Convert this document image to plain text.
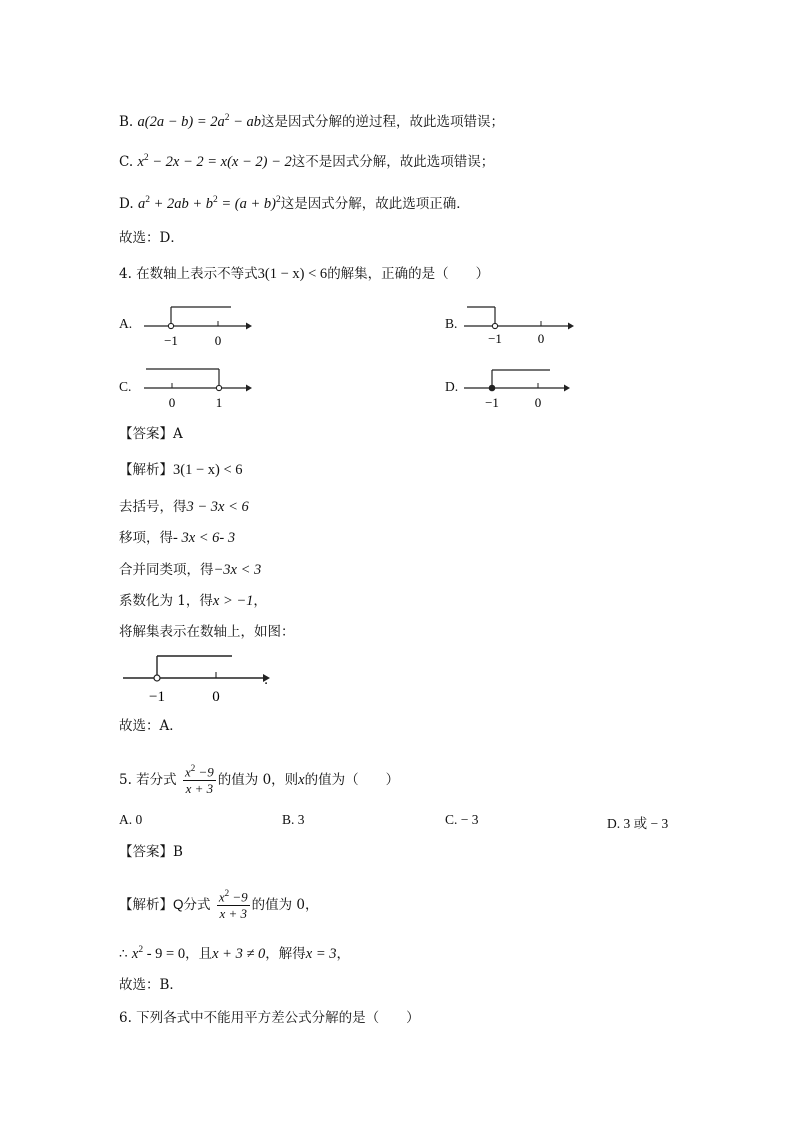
B. $a(2a - b) = 2a^2$ − ab这是因式分解的逆过程，故此选项错误；
C. $x^2 - 2x - 2 = x(x - 2) - 2$这不是因式分解，故此选项错误；
D. $a^2 + 2ab + b^2 = (a + b)^2$这是因式分解，故此选项正确．
故选：D．
4. 在数轴上表示不等式3(1 − x) < 6的解集，正确的是（　　）
A.
−1	0
B.
−1	0
C.
0	1
D.
−1	0
【答案】A
【解析】3(1 − x) < 6
去括号，得3 − 3x < 6
移项，得- 3x < 6- 3
合并同类项，得−3x < 3
系数化为 1，得x > −1，
将解集表示在数轴上，如图：
−1	0
．
故选：A．
5. 若分式 $\frac{x^2 -9}{x + 3}$ 的值为 0，则x的值为（　　）
A. 0	B. 3	C. − 3	D. 3 或 − 3
【答案】B
【解析】Q分式 $\frac{x^2 -9}{x + 3}$ 的值为 0，
∴ $x^2 - 9 = 0$，且x + 3 ≠ 0，解得x = 3，
故选：B．
6. 下列各式中不能用平方差公式分解的是（　　）
